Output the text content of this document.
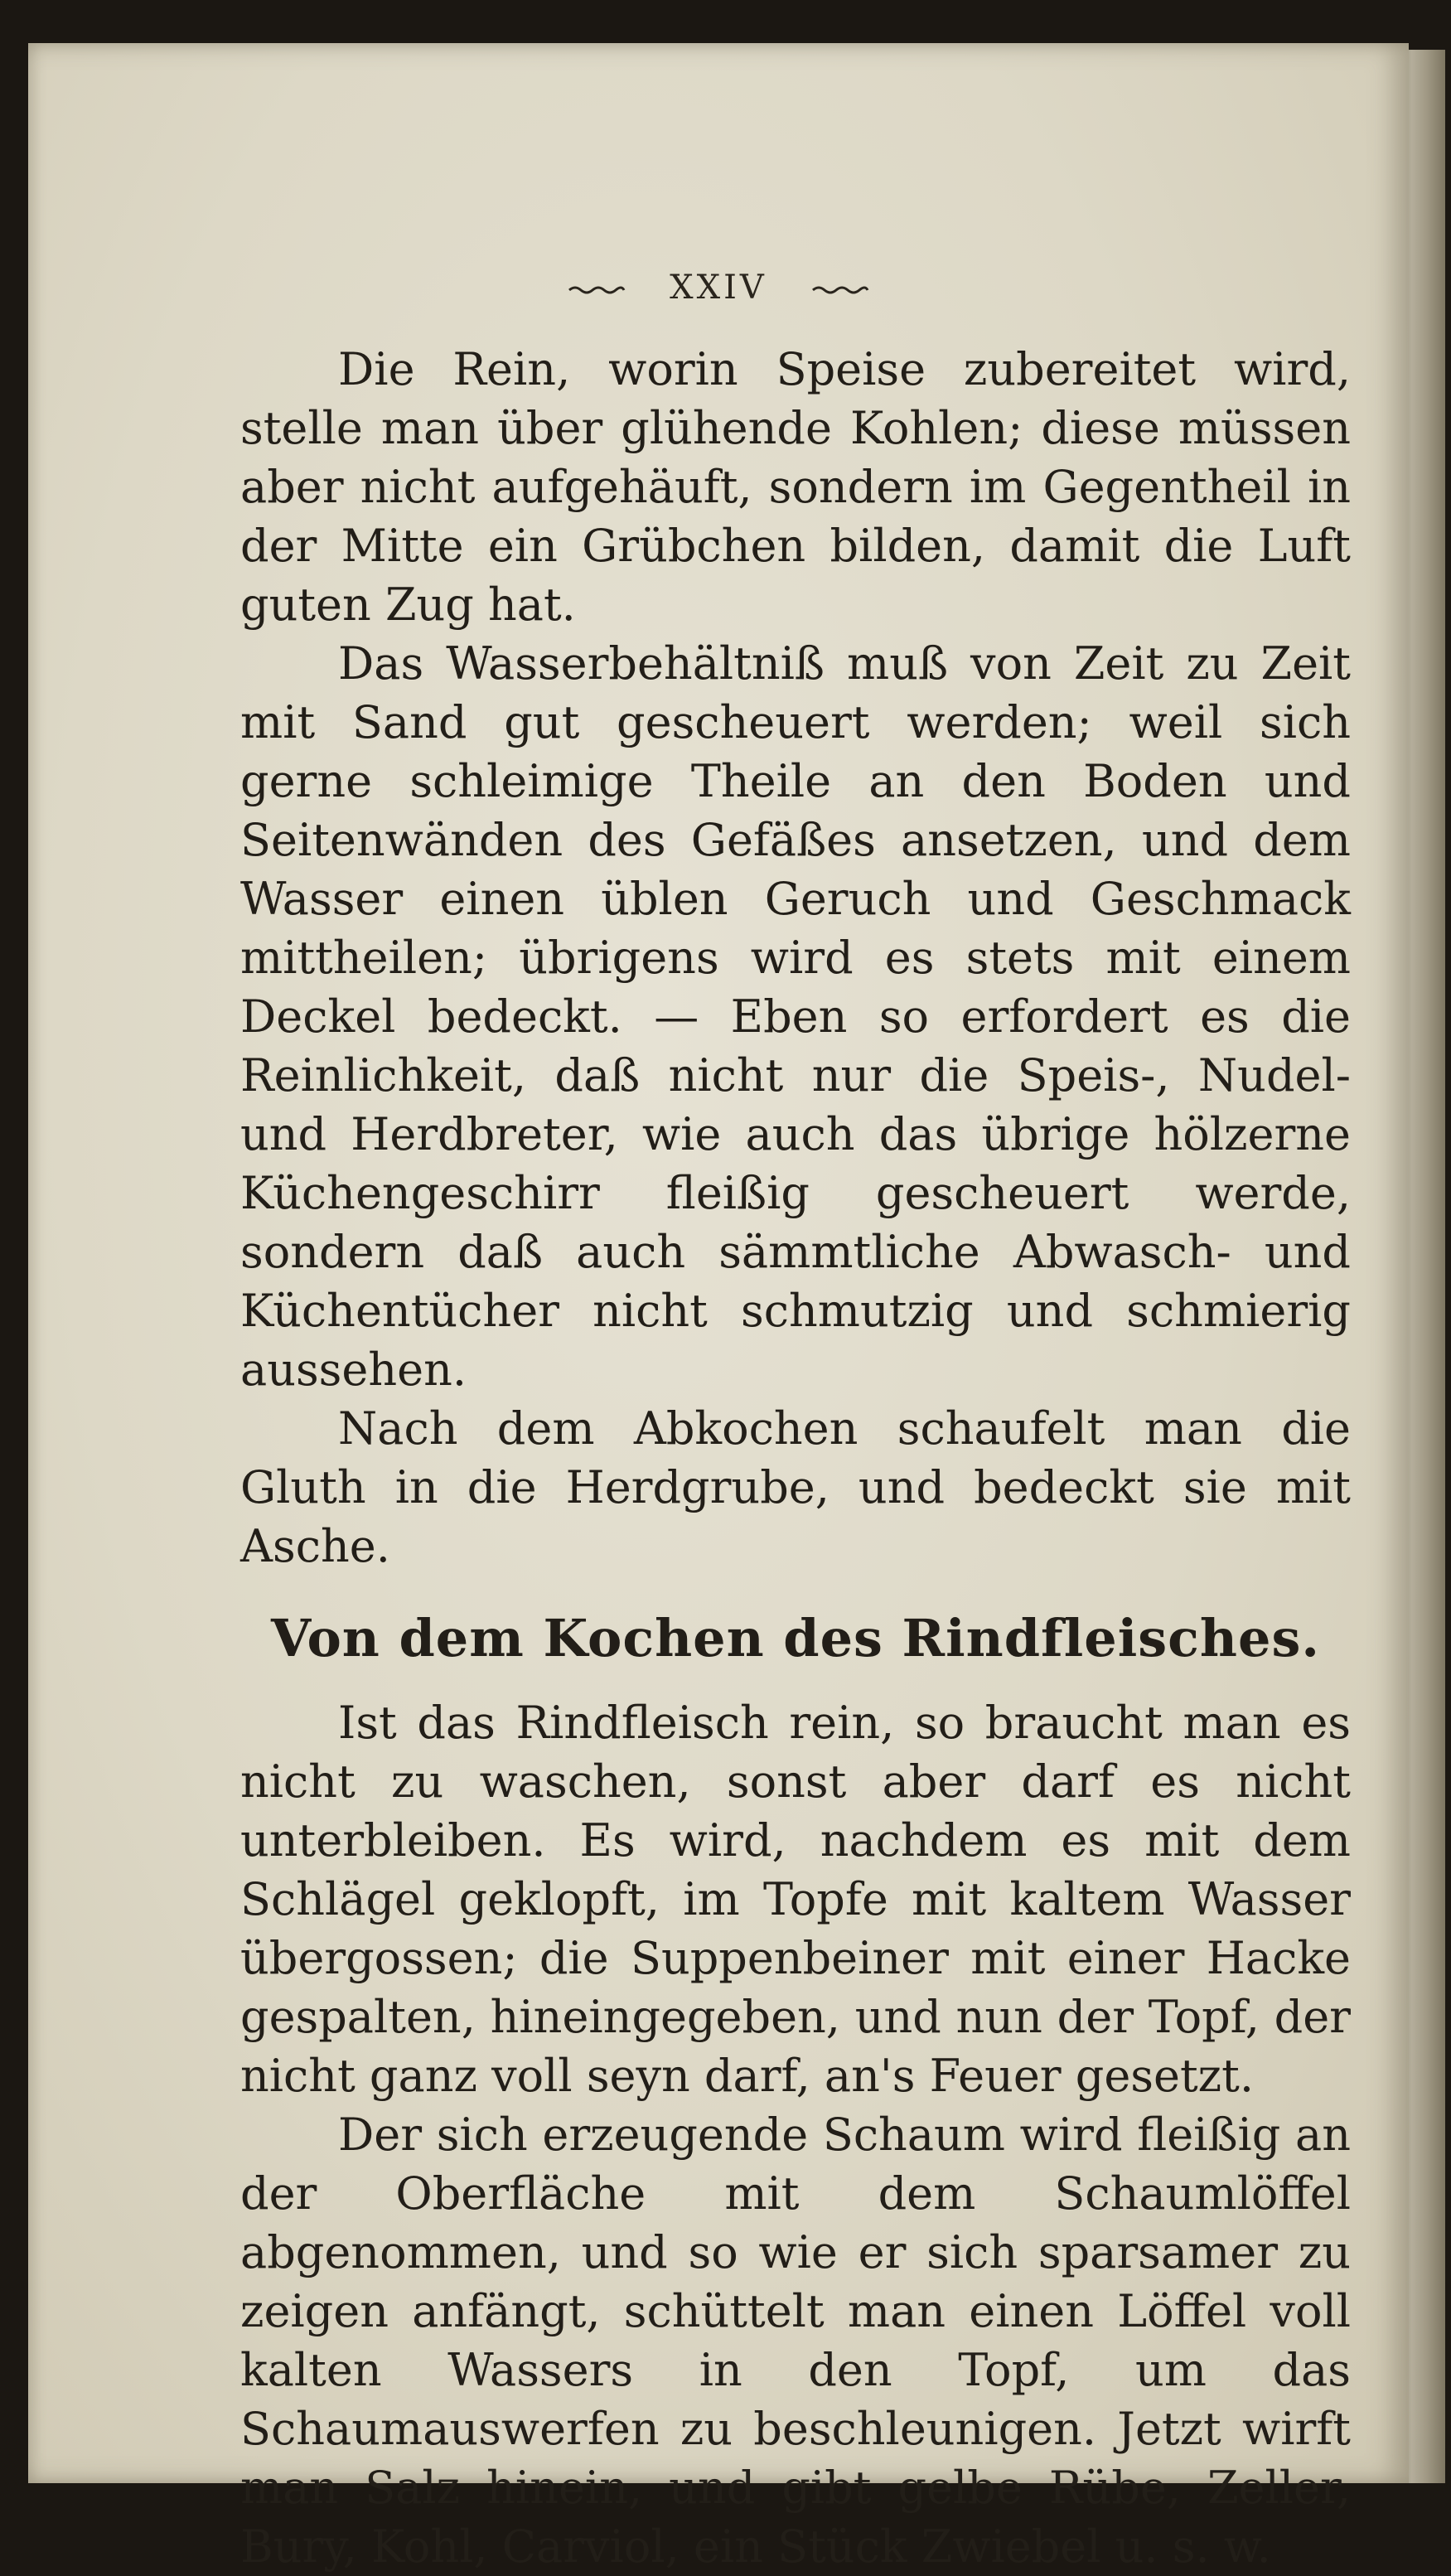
XXIV

Die Rein, worin Speise zubereitet wird, stelle man über glühende Kohlen; diese müssen aber nicht aufgehäuft, sondern im Gegentheil in der Mitte ein Grübchen bilden, damit die Luft guten Zug hat.

Das Wasserbehältniß muß von Zeit zu Zeit mit Sand gut gescheuert werden; weil sich gerne schleimige Theile an den Boden und Seitenwänden des Gefäßes ansetzen, und dem Wasser einen üblen Geruch und Geschmack mittheilen; übrigens wird es stets mit einem Deckel bedeckt. — Eben so erfordert es die Reinlichkeit, daß nicht nur die Speis-, Nudel- und Herdbreter, wie auch das übrige hölzerne Küchengeschirr fleißig gescheuert werde, sondern daß auch sämmtliche Abwasch- und Küchentücher nicht schmutzig und schmierig aussehen.

Nach dem Abkochen schaufelt man die Gluth in die Herdgrube, und bedeckt sie mit Asche.

Von dem Kochen des Rindfleisches.

Ist das Rindfleisch rein, so braucht man es nicht zu waschen, sonst aber darf es nicht unterbleiben. Es wird, nachdem es mit dem Schlägel geklopft, im Topfe mit kaltem Wasser übergossen; die Suppenbeiner mit einer Hacke gespalten, hineingegeben, und nun der Topf, der nicht ganz voll seyn darf, an's Feuer gesetzt.

Der sich erzeugende Schaum wird fleißig an der Oberfläche mit dem Schaumlöffel abgenommen, und so wie er sich sparsamer zu zeigen anfängt, schüttelt man einen Löffel voll kalten Wassers in den Topf, um das Schaumauswerfen zu beschleunigen. Jetzt wirft man Salz hinein, und gibt gelbe Rübe, Zeller, Bury, Kohl, Carviol, ein Stück Zwiebel u. s. w.
